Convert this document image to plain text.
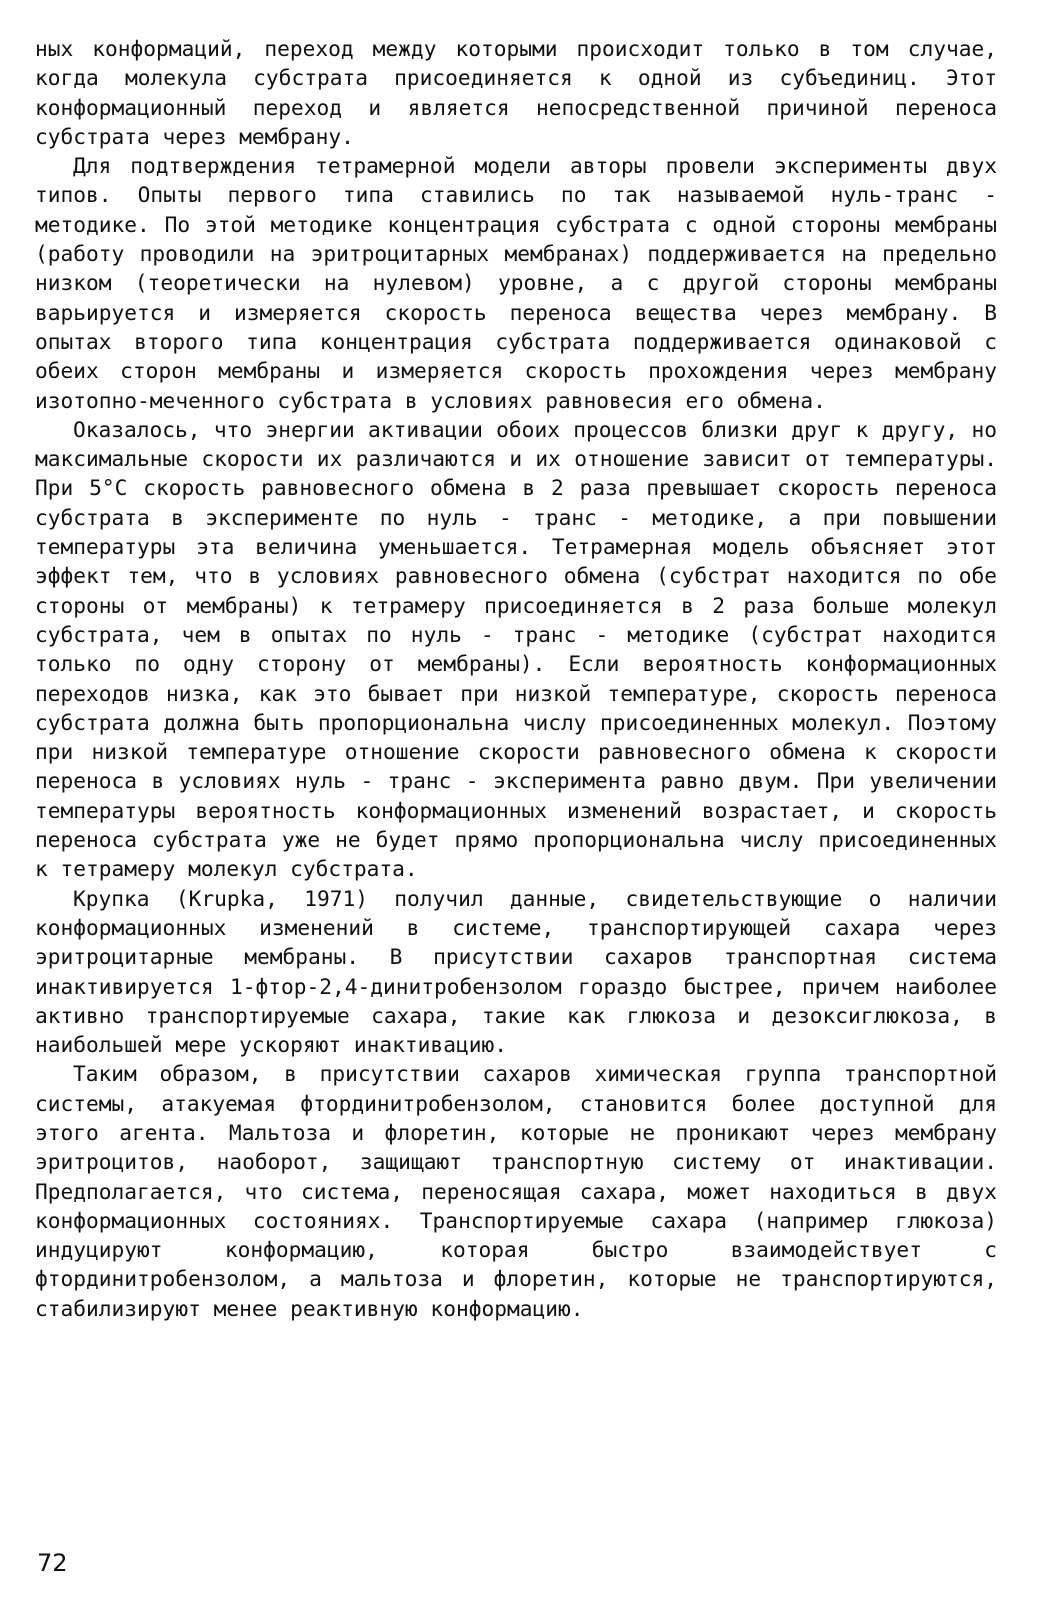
ных конформаций, переход между которыми происходит только в том случае, когда молекула субстрата присоединяется к одной из субъединиц. Этот конформационный переход и является непосредственной причиной переноса субстрата через мембрану.

Для подтверждения тетрамерной модели авторы провели эксперименты двух типов. Опыты первого типа ставились по так называемой нуль-транс - методике. По этой методике концентрация субстрата с одной стороны мембраны (работу проводили на эритроцитарных мембранах) поддерживается на предельно низком (теоретически на нулевом) уровне, а с другой стороны мембраны варьируется и измеряется скорость переноса вещества через мембрану. В опытах второго типа концентрация субстрата поддерживается одинаковой с обеих сторон мембраны и измеряется скорость прохождения через мембрану изотопно-меченного субстрата в условиях равновесия его обмена.

Оказалось, что энергии активации обоих процессов близки друг к другу, но максимальные скорости их различаются и их отношение зависит от температуры. При 5°С скорость равновесного обмена в 2 раза превышает скорость переноса субстрата в эксперименте по нуль - транс - методике, а при повышении температуры эта величина уменьшается. Тетрамерная модель объясняет этот эффект тем, что в условиях равновесного обмена (субстрат находится по обе стороны от мембраны) к тетрамеру присоединяется в 2 раза больше молекул субстрата, чем в опытах по нуль - транс - методике (субстрат находится только по одну сторону от мембраны). Если вероятность конформационных переходов низка, как это бывает при низкой температуре, скорость переноса субстрата должна быть пропорциональна числу присоединенных молекул. Поэтому при низкой температуре отношение скорости равновесного обмена к скорости переноса в условиях нуль - транс - эксперимента равно двум. При увеличении температуры вероятность конформационных изменений возрастает, и скорость переноса субстрата уже не будет прямо пропорциональна числу присоединенных к тетрамеру молекул субстрата.

Крупка (Krupka, 1971) получил данные, свидетельствующие о наличии конформационных изменений в системе, транспортирующей сахара через эритроцитарные мембраны. В присутствии сахаров транспортная система инактивируется 1-фтор-2,4-динитробензолом гораздо быстрее, причем наиболее активно транспортируемые сахара, такие как глюкоза и дезоксиглюкоза, в наибольшей мере ускоряют инактивацию.

Таким образом, в присутствии сахаров химическая группа транспортной системы, атакуемая фтординитробензолом, становится более доступной для этого агента. Мальтоза и флоретин, которые не проникают через мембрану эритроцитов, наоборот, защищают транспортную систему от инактивации. Предполагается, что система, переносящая сахара, может находиться в двух конформационных состояниях. Транспортируемые сахара (например глюкоза) индуцируют конформацию, которая быстро взаимодействует с фтординитробензолом, а мальтоза и флоретин, которые не транспортируются, стабилизируют менее реактивную конформацию.

72
